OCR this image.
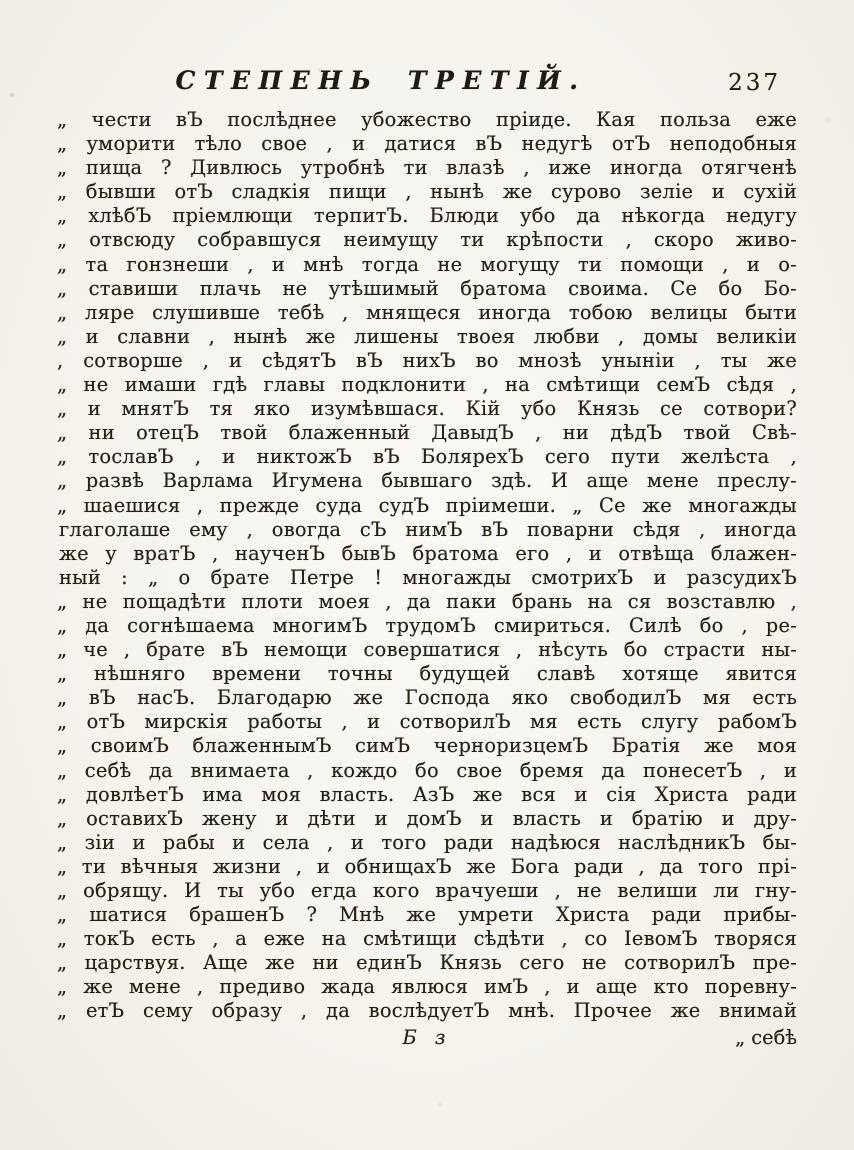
СТЕПЕНЬ ТРЕТІЙ.	237
„ чести вЪ послѣднее убожество пріиде. Кая польза еже
„ уморити тѣло свое , и датися вЪ недугѣ отЪ неподобныя
„ пища ? Дивлюсь утробнѣ ти влазѣ , иже иногда отягченѣ
„ бывши отЪ сладкія пищи , нынѣ же сурово зеліе и сухій
„ хлѣбЪ пріемлющи терпитЪ. Блюди убо да нѣкогда недугу
„ отвсюду собравшуся неимущу ти крѣпости , скоро живо-
„ та гонзнеши , и мнѣ тогда не могущу ти помощи , и о-
„ ставиши плачь не утѣшимый братома своима. Се бо Бо-
„ ляре слушивше тебѣ , мнящеся иногда тобою велицы быти
„ и славни , нынѣ же лишены твоея любви , домы великіи
, сотворше , и сѣдятЪ вЪ нихЪ во мнозѣ уныніи , ты же
„ не имаши гдѣ главы подклонити , на смѣтищи семЪ сѣдя ,
„ и мнятЪ тя яко изумѣвшася. Кій убо Князь се сотвори?
„ ни отецЪ твой блаженный ДавыдЪ , ни дѣдЪ твой Свѣ-
„ тославЪ , и никтожЪ вЪ БолярехЪ сего пути желѣста ,
„ развѣ Варлама Игумена бывшаго здѣ. И аще мене преслу-
„ шаешися , прежде суда судЪ пріимеши. „ Се же многажды
глаголаше ему , овогда сЪ нимЪ вЪ поварни сѣдя , иногда
же у вратЪ , наученЪ бывЪ братома его , и отвѣща блажен-
ный : „ о брате Петре ! многажды смотрихЪ и разсудихЪ
„ не пощадѣти плоти моея , да паки брань на ся возставлю ,
„ да согнѣшаема многимЪ трудомЪ смириться. Силѣ бо , ре-
„ че , брате вЪ немощи совершатися , нѣсуть бо страсти ны-
„ нѣшняго времени точны будущей славѣ хотяще явится
„ вЪ насЪ. Благодарю же Господа яко свободилЪ мя есть
„ отЪ мирскія работы , и сотворилЪ мя есть слугу рабомЪ
„ своимЪ блаженнымЪ симЪ черноризцемЪ Братія же моя
„ себѣ да внимаета , кождо бо свое бремя да понесетЪ , и
„ довлѣетЪ има моя власть. АзЪ же вся и сія Христа ради
„ оставихЪ жену и дѣти и домЪ и власть и братію и дру-
„ зіи и рабы и села , и того ради надѣюся наслѣдникЪ бы-
„ ти вѣчныя жизни , и обнищахЪ же Бога ради , да того прі-
„ обрящу. И ты убо егда кого врачуеши , не велиши ли гну-
„ шатися брашенЪ ? Мнѣ же умрети Христа ради прибы-
„ токЪ есть , а еже на смѣтищи сѣдѣти , со ІевомЪ творяся
„ царствуя. Аще же ни единЪ Князь сего не сотворилЪ пре-
„ же мене , предиво жада явлюся имЪ , и аще кто поревну-
„ етЪ сему образу , да вослѣдуетЪ мнѣ. Прочее же внимай
Б з	„ себѣ
